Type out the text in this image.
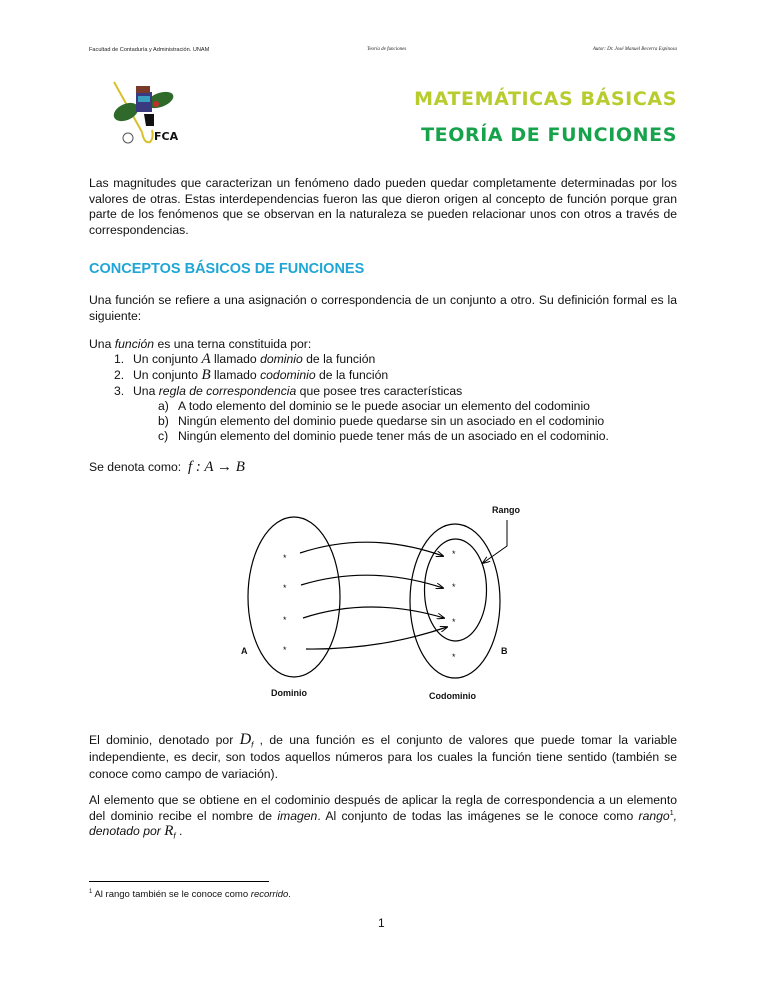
Facultad de Contaduría y Administración. UNAM	Teoría de funciones	Autor: Dr. José Manuel Becerra Espinosa
FCA
MATEMÁTICAS BÁSICAS
TEORÍA DE FUNCIONES
Las magnitudes que caracterizan un fenómeno dado pueden quedar completamente determinadas por los valores de otras. Estas interdependencias fueron las que dieron origen al concepto de función porque gran parte de los fenómenos que se observan en la naturaleza se pueden relacionar unos con otros a través de correspondencias.
CONCEPTOS BÁSICOS DE FUNCIONES
Una función se refiere a una asignación o correspondencia de un conjunto a otro. Su definición formal es la siguiente:
Una función es una terna constituida por:
1. Un conjunto A llamado dominio de la función
2. Un conjunto B llamado codominio de la función
3. Una regla de correspondencia que posee tres características
a) A todo elemento del dominio se le puede asociar un elemento del codominio
b) Ningún elemento del dominio puede quedarse sin un asociado en el codominio
c) Ningún elemento del dominio puede tener más de un asociado en el codominio.
Se denota como: f : A → B
*
*
*
*
*
*
*
*
A	B
Dominio	Codominio
Rango
El dominio, denotado por $D_f$ , de una función es el conjunto de valores que puede tomar la variable independiente, es decir, son todos aquellos números para los cuales la función tiene sentido (también se conoce como campo de variación).
Al elemento que se obtiene en el codominio después de aplicar la regla de correspondencia a un elemento del dominio recibe el nombre de imagen. Al conjunto de todas las imágenes se le conoce como rango$^1$, denotado por $R_f$ .
$^1$ Al rango también se le conoce como recorrido.
1
